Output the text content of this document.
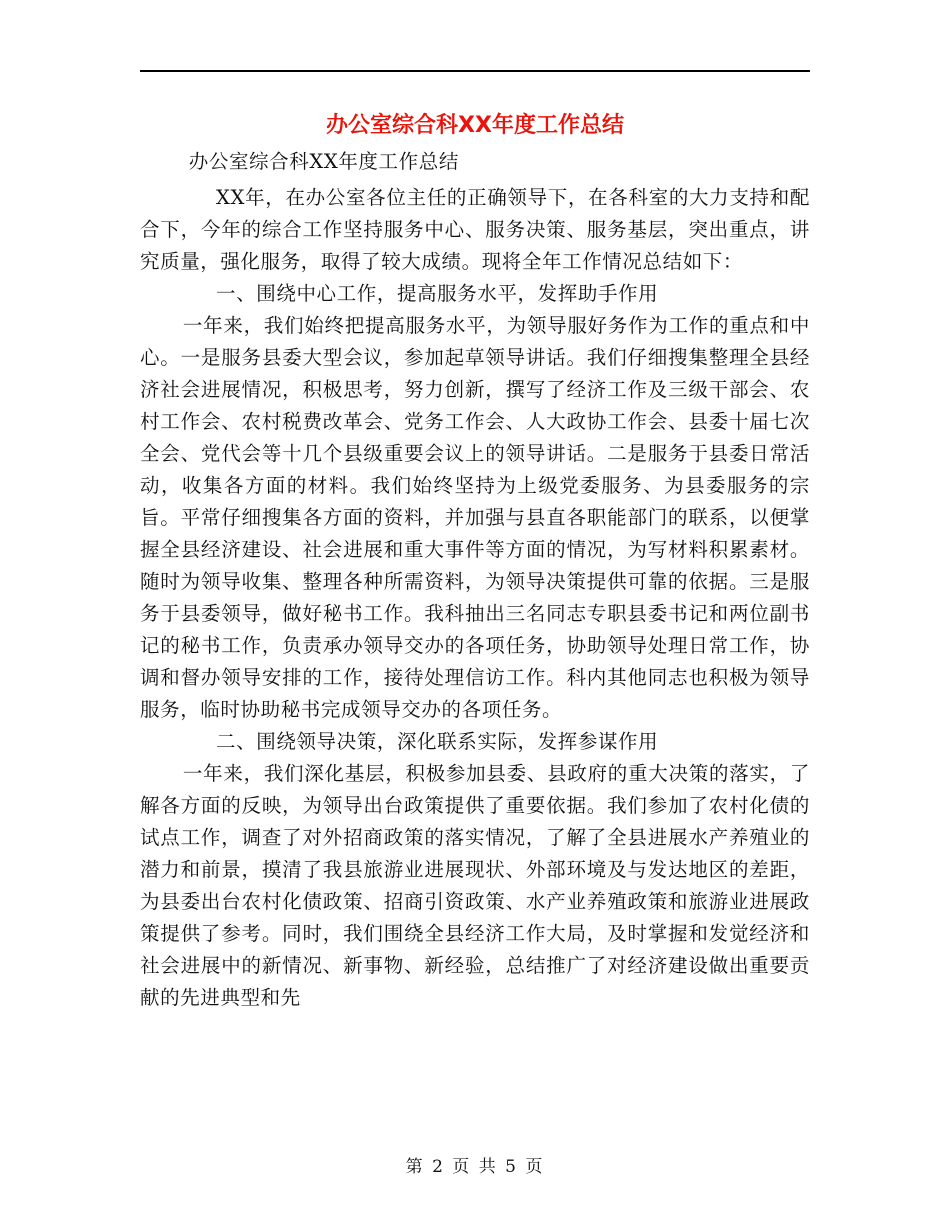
办公室综合科XX年度工作总结

办公室综合科XX年度工作总结

XX年，在办公室各位主任的正确领导下，在各科室的大力支持和配合下，今年的综合工作坚持服务中心、服务决策、服务基层，突出重点，讲究质量，强化服务，取得了较大成绩。现将全年工作情况总结如下：

一、围绕中心工作，提高服务水平，发挥助手作用

一年来，我们始终把提高服务水平，为领导服好务作为工作的重点和中心。一是服务县委大型会议，参加起草领导讲话。我们仔细搜集整理全县经济社会进展情况，积极思考，努力创新，撰写了经济工作及三级干部会、农村工作会、农村税费改革会、党务工作会、人大政协工作会、县委十届七次全会、党代会等十几个县级重要会议上的领导讲话。二是服务于县委日常活动，收集各方面的材料。我们始终坚持为上级党委服务、为县委服务的宗旨。平常仔细搜集各方面的资料，并加强与县直各职能部门的联系，以便掌握全县经济建设、社会进展和重大事件等方面的情况，为写材料积累素材。随时为领导收集、整理各种所需资料，为领导决策提供可靠的依据。三是服务于县委领导，做好秘书工作。我科抽出三名同志专职县委书记和两位副书记的秘书工作，负责承办领导交办的各项任务，协助领导处理日常工作，协调和督办领导安排的工作，接待处理信访工作。科内其他同志也积极为领导服务，临时协助秘书完成领导交办的各项任务。

二、围绕领导决策，深化联系实际，发挥参谋作用

一年来，我们深化基层，积极参加县委、县政府的重大决策的落实，了解各方面的反映，为领导出台政策提供了重要依据。我们参加了农村化债的试点工作，调查了对外招商政策的落实情况，了解了全县进展水产养殖业的潜力和前景，摸清了我县旅游业进展现状、外部环境及与发达地区的差距，为县委出台农村化债政策、招商引资政策、水产业养殖政策和旅游业进展政策提供了参考。同时，我们围绕全县经济工作大局，及时掌握和发觉经济和社会进展中的新情况、新事物、新经验，总结推广了对经济建设做出重要贡献的先进典型和先

第 2 页 共 5 页
